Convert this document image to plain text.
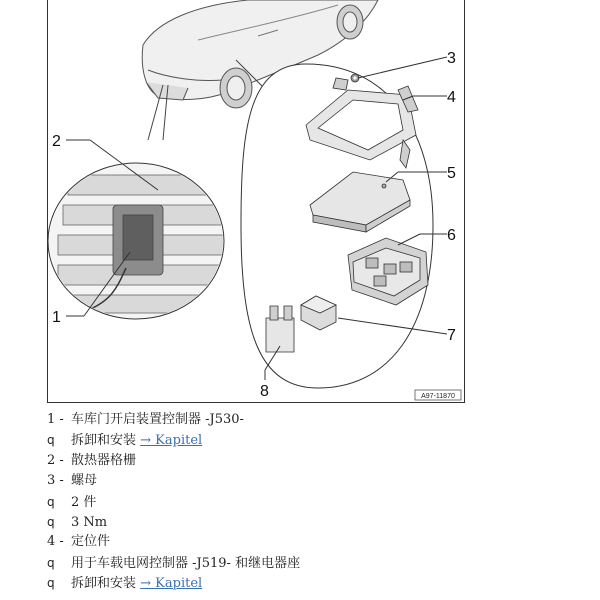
2
1
3
4
5
6
7
8	A97-11870
1 - 车库门开启装置控制器 -J530-
q 拆卸和安装 → Kapitel
2 - 散热器格栅
3 - 螺母
q 2 件
q 3 Nm
4 - 定位件
q 用于车载电网控制器 -J519- 和继电器座
q 拆卸和安装 → Kapitel
